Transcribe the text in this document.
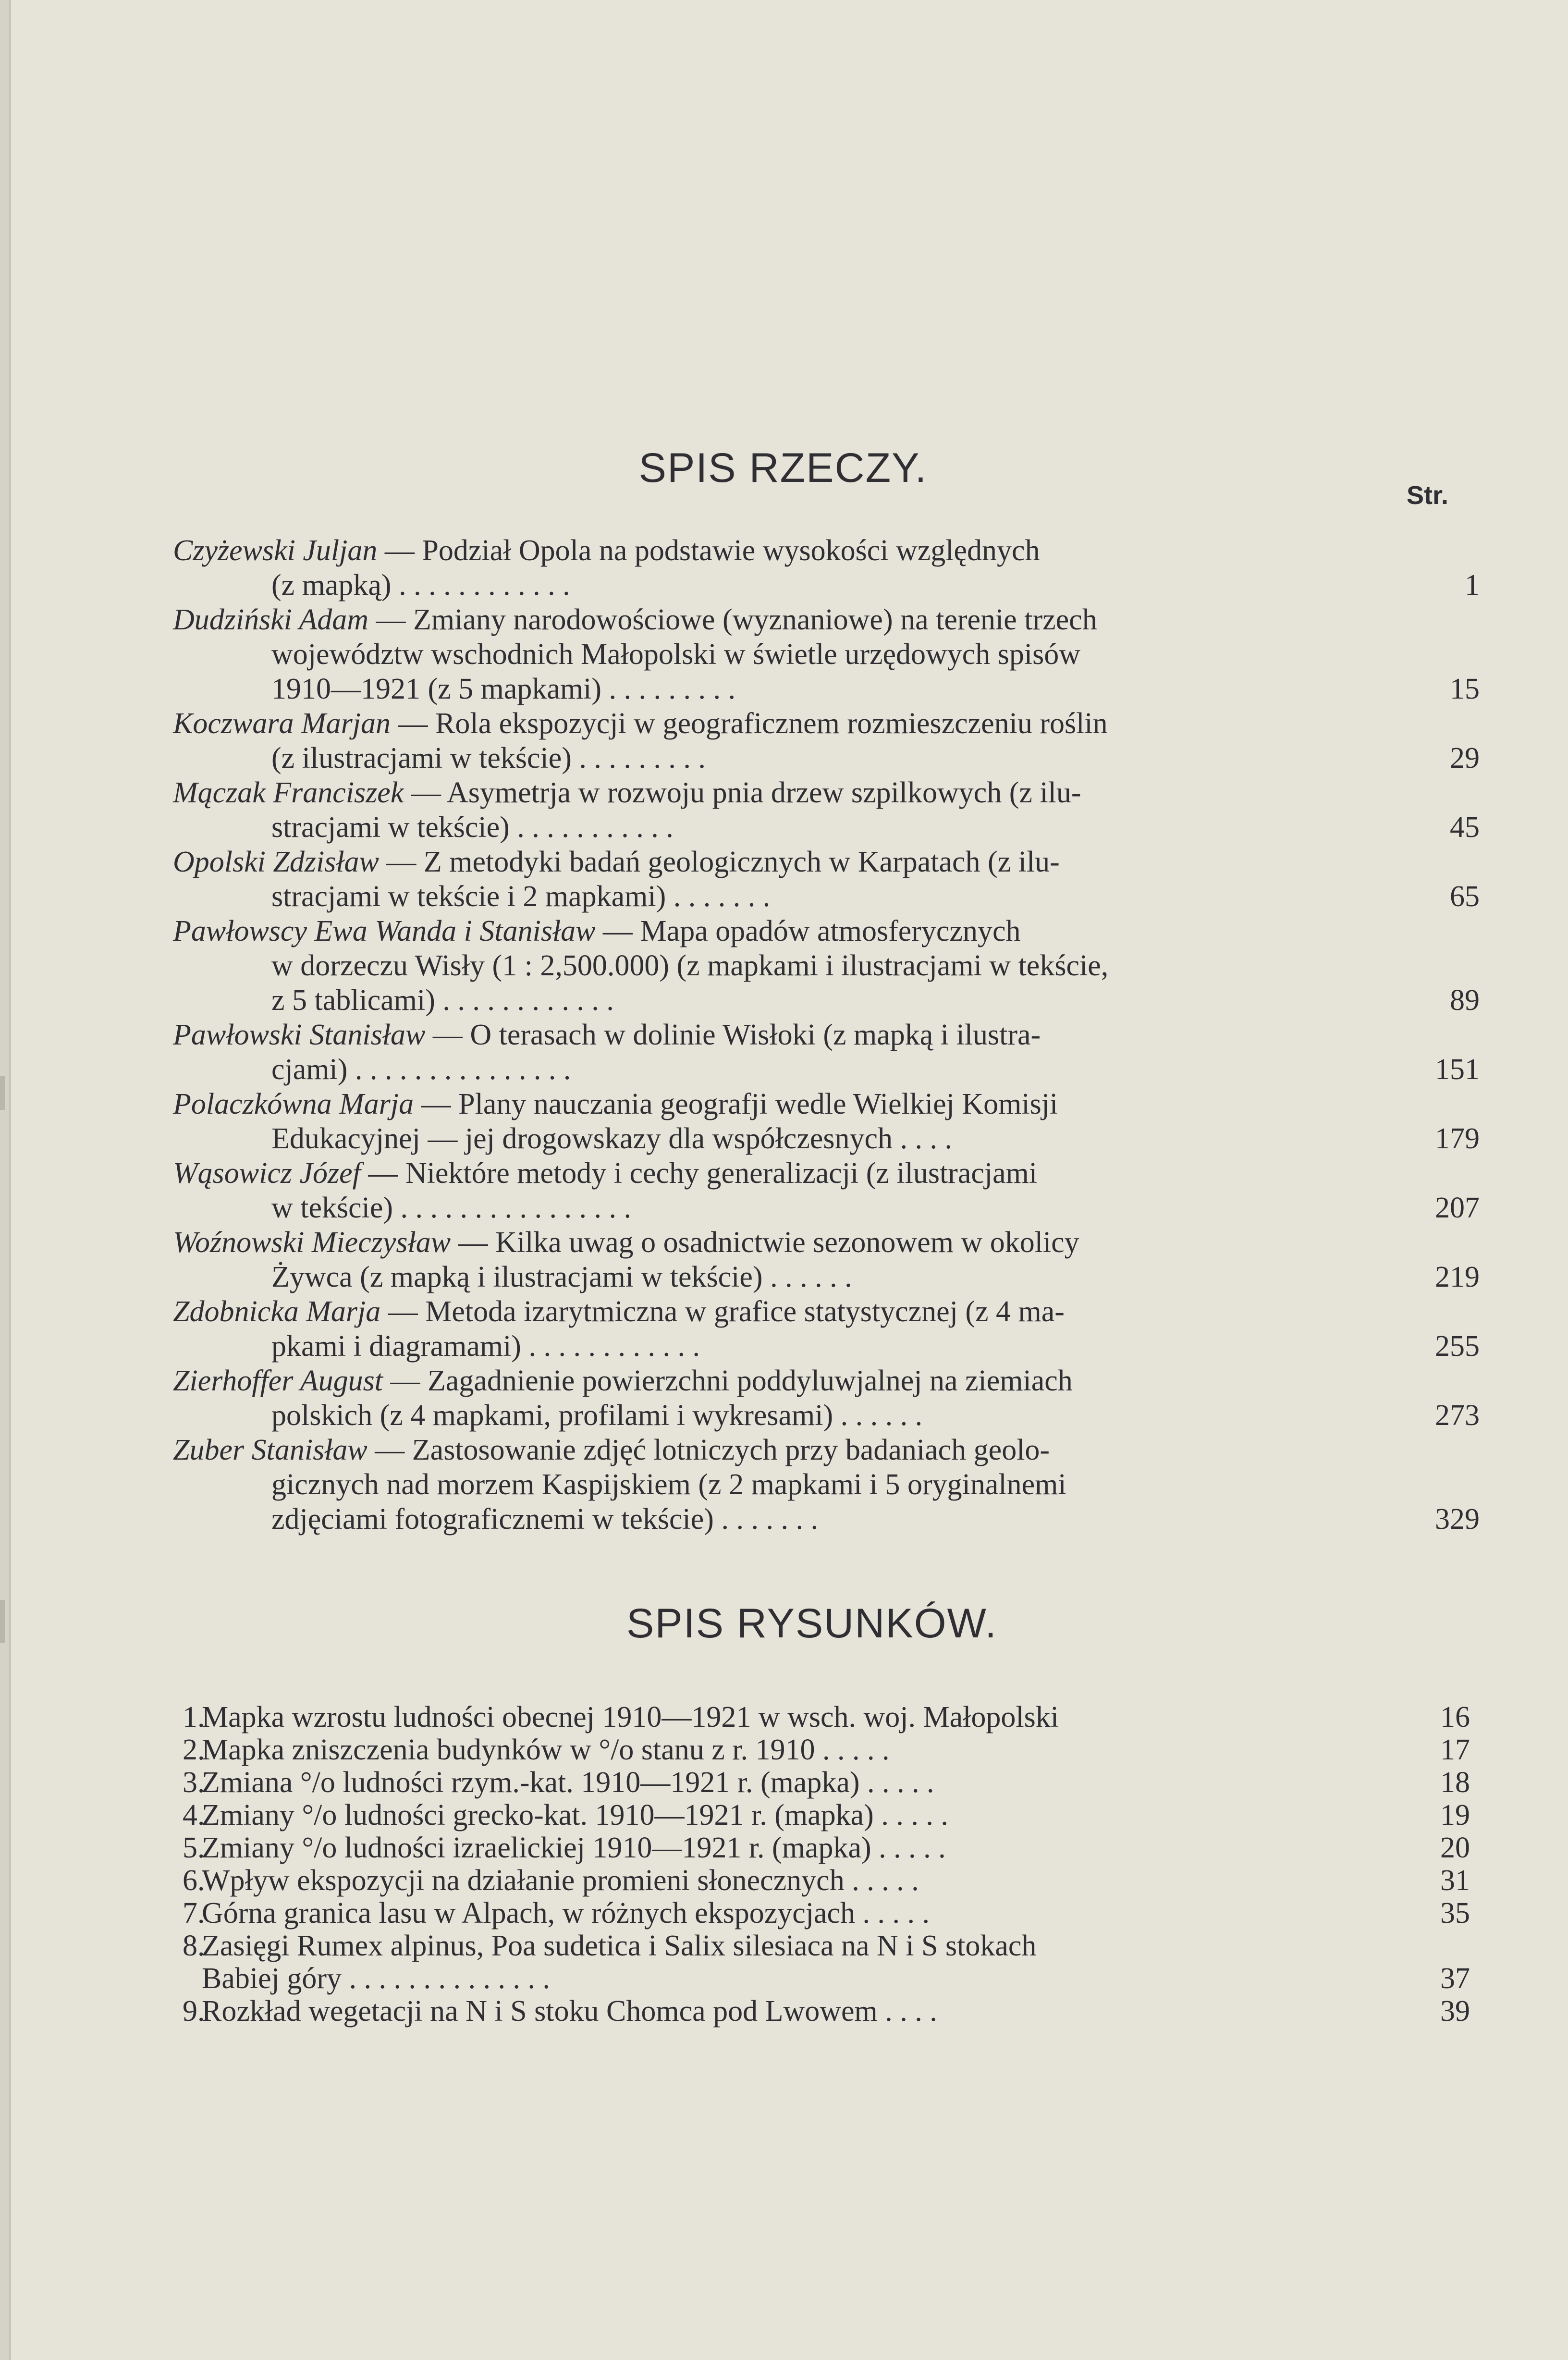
SPIS RZECZY.
Str.
Czyżewski Juljan — Podział Opola na podstawie wysokości względnych
(z mapką) . . . . . . . . . . . .	1
Dudziński Adam — Zmiany narodowościowe (wyznaniowe) na terenie trzech
województw wschodnich Małopolski w świetle urzędowych spisów
1910—1921 (z 5 mapkami) . . . . . . . . .	15
Koczwara Marjan — Rola ekspozycji w geograficznem rozmieszczeniu roślin
(z ilustracjami w tekście) . . . . . . . . .	29
Mączak Franciszek — Asymetrja w rozwoju pnia drzew szpilkowych (z ilu-
stracjami w tekście) . . . . . . . . . . .	45
Opolski Zdzisław — Z metodyki badań geologicznych w Karpatach (z ilu-
stracjami w tekście i 2 mapkami) . . . . . . .	65
Pawłowscy Ewa Wanda i Stanisław — Mapa opadów atmosferycznych
w dorzeczu Wisły (1 : 2,500.000) (z mapkami i ilustracjami w tekście,
z 5 tablicami) . . . . . . . . . . . .	89
Pawłowski Stanisław — O terasach w dolinie Wisłoki (z mapką i ilustra-
cjami) . . . . . . . . . . . . . . .	151
Polaczkówna Marja — Plany nauczania geografji wedle Wielkiej Komisji
Edukacyjnej — jej drogowskazy dla współczesnych . . . .	179
Wąsowicz Józef — Niektóre metody i cechy generalizacji (z ilustracjami
w tekście) . . . . . . . . . . . . . . . .	207
Woźnowski Mieczysław — Kilka uwag o osadnictwie sezonowem w okolicy
Żywca (z mapką i ilustracjami w tekście) . . . . . .	219
Zdobnicka Marja — Metoda izarytmiczna w grafice statystycznej (z 4 ma-
pkami i diagramami) . . . . . . . . . . . .	255
Zierhoffer August — Zagadnienie powierzchni poddyluwjalnej na ziemiach
polskich (z 4 mapkami, profilami i wykresami) . . . . . .	273
Zuber Stanisław — Zastosowanie zdjęć lotniczych przy badaniach geolo-
gicznych nad morzem Kaspijskiem (z 2 mapkami i 5 oryginalnemi
zdjęciami fotograficznemi w tekście) . . . . . . .	329
SPIS RYSUNKÓW.
1.
Mapka wzrostu ludności obecnej 1910—1921 w wsch. woj. Małopolski	16
2.
Mapka zniszczenia budynków w °/o stanu z r. 1910 . . . . .	17
3.
Zmiana °/o ludności rzym.-kat. 1910—1921 r. (mapka) . . . . .	18
4.
Zmiany °/o ludności grecko-kat. 1910—1921 r. (mapka) . . . . .	19
5.
Zmiany °/o ludności izraelickiej 1910—1921 r. (mapka) . . . . .	20
6.
Wpływ ekspozycji na działanie promieni słonecznych . . . . .	31
7.
Górna granica lasu w Alpach, w różnych ekspozycjach . . . . .	35
8.
Zasięgi Rumex alpinus, Poa sudetica i Salix silesiaca na N i S stokach
Babiej góry . . . . . . . . . . . . . .	37
9.
Rozkład wegetacji na N i S stoku Chomca pod Lwowem . . . .	39
